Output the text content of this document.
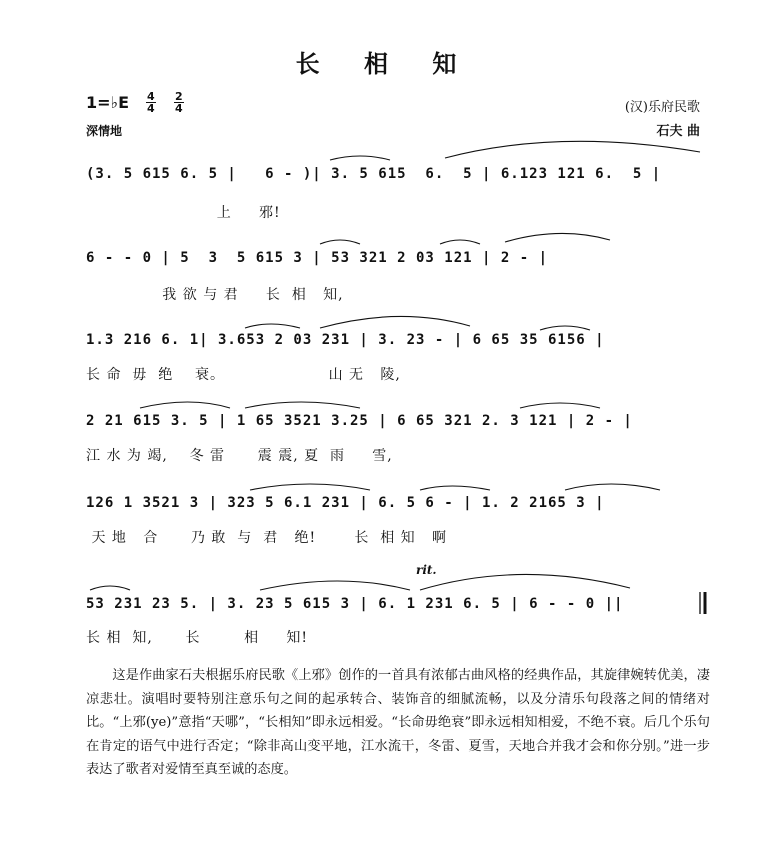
长 相 知
1=♭E $\frac{4}{4} \frac{2}{4}$
深情地
(汉)乐府民歌
石夫 曲
(3. 5 615 6. 5 |   6 - )| 3. 5 615  6.  5 | 6.123 121 6.  5 |
上     邪!
6 - - 0 | 5  3  5 615 3 | 53 321 2 03 121 | 2 - |
我 欲 与 君     长  相   知,
1.3 216 6. 1| 3.653 2 03 231 | 3. 23 - | 6 65 35 6156 |
长 命  毋  绝    衰。                   山 无   陵,
2 21 615 3. 5 | 1 65 3521 3.25 | 6 65 321 2. 3 121 | 2 - |
江 水 为 竭,    冬 雷      震 震, 夏  雨     雪,
126 1 3521 3 | 323 5 6.1 231 | 6. 5 6 - | 1. 2 2165 3 |
天 地   合      乃 敢  与  君   绝!       长  相 知   啊
rit.
53 231 23 5. | 3. 23 5 615 3 | 6. 1 231 6. 5 | 6 - - 0 ||
长 相  知,      长        相     知!
这是作曲家石夫根据乐府民歌《上邪》创作的一首具有浓郁古曲风格的经典作品，其旋律婉转优美，凄凉悲壮。演唱时要特别注意乐句之间的起承转合、装饰音的细腻流畅，以及分清乐句段落之间的情绪对比。“上邪(ye)”意指“天哪”，“长相知”即永远相爱。“长命毋绝衰”即永远相知相爱，不绝不衰。后几个乐句在肯定的语气中进行否定；“除非高山变平地，江水流干，冬雷、夏雪，天地合并我才会和你分别。”进一步表达了歌者对爱情至真至诚的态度。
